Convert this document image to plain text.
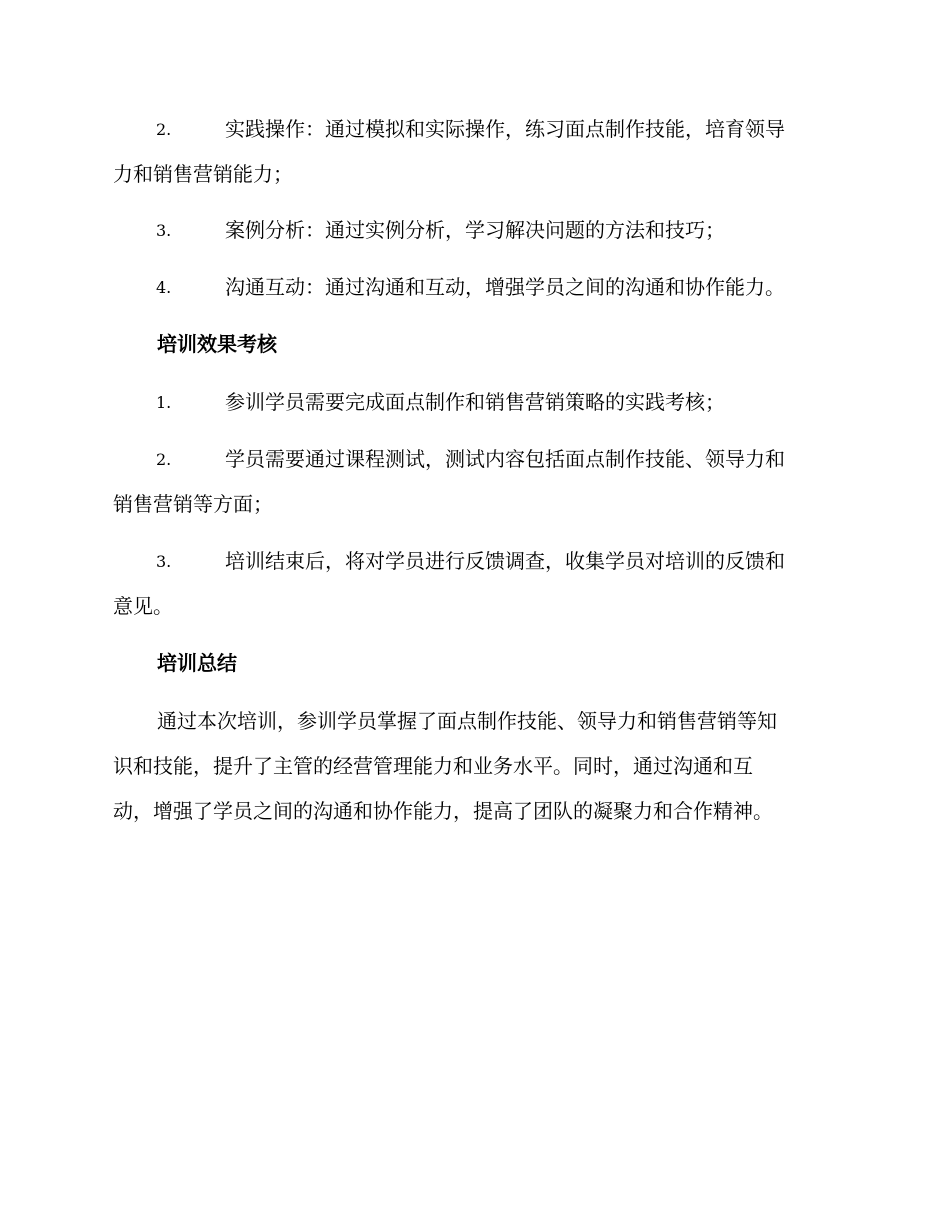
2.	实践操作：通过模拟和实际操作，练习面点制作技能，培育领导
力和销售营销能力；
3.	案例分析：通过实例分析，学习解决问题的方法和技巧；
4.	沟通互动：通过沟通和互动，增强学员之间的沟通和协作能力。
培训效果考核
1.	参训学员需要完成面点制作和销售营销策略的实践考核；
2.	学员需要通过课程测试，测试内容包括面点制作技能、领导力和
销售营销等方面；
3.	培训结束后，将对学员进行反馈调查，收集学员对培训的反馈和
意见。
培训总结
通过本次培训，参训学员掌握了面点制作技能、领导力和销售营销等知
识和技能，提升了主管的经营管理能力和业务水平。同时，通过沟通和互
动，增强了学员之间的沟通和协作能力，提高了团队的凝聚力和合作精神。
